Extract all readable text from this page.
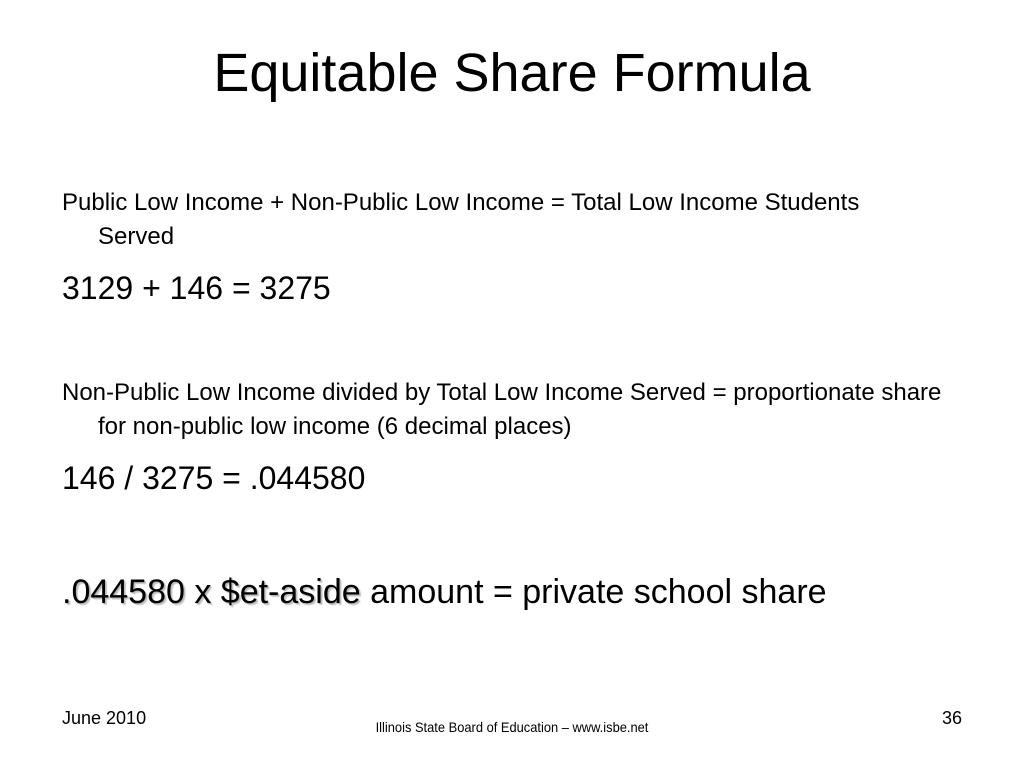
Equitable Share Formula

Public Low Income + Non-Public Low Income = Total Low Income Students Served

3129 + 146 = 3275

Non-Public Low Income divided by Total Low Income Served = proportionate share for non-public low income (6 decimal places)

146 / 3275 = .044580

.044580 x $et-aside amount = private school share
June 2010	Illinois State Board of Education – www.isbe.net	36
